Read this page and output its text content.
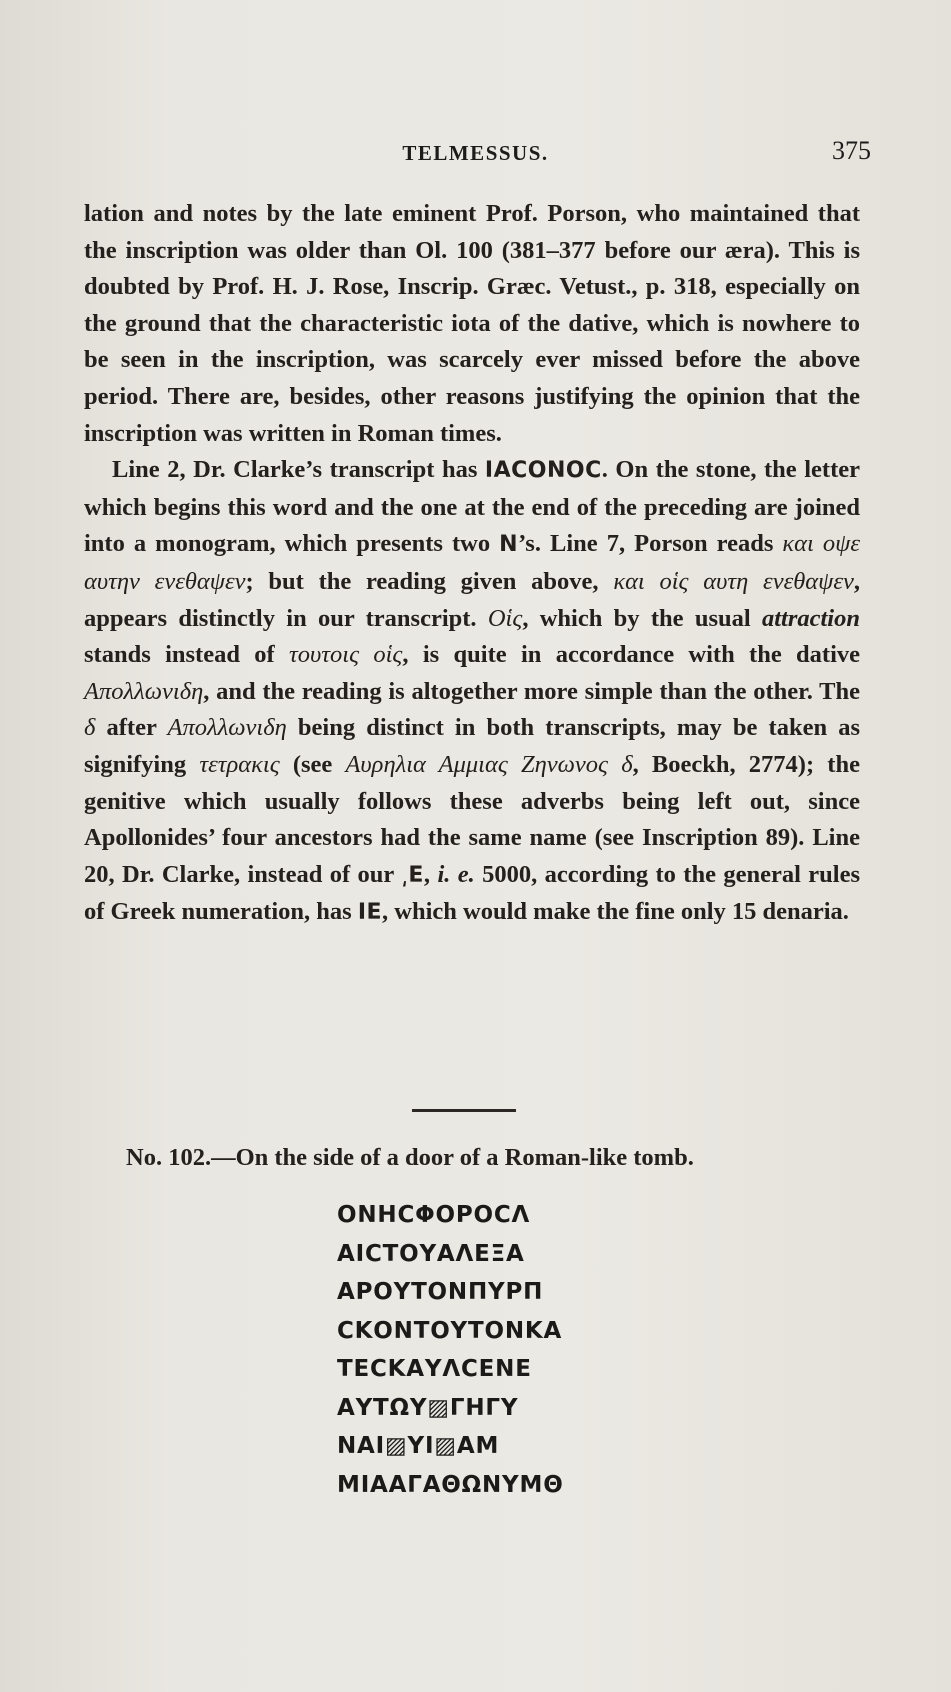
TELMESSUS.	375

lation and notes by the late eminent Prof. Porson, who maintained that the inscription was older than Ol. 100 (381–377 before our æra). This is doubted by Prof. H. J. Rose, Inscrip. Græc. Vetust., p. 318, especially on the ground that the characteristic iota of the dative, which is nowhere to be seen in the inscription, was scarcely ever missed before the above period. There are, besides, other reasons justifying the opinion that the inscription was written in Roman times.

Line 2, Dr. Clarke’s transcript has ΙΑϹΟΝΟϹ. On the stone, the letter which begins this word and the one at the end of the preceding are joined into a monogram, which presents two N’s. Line 7, Porson reads και οψε αυτην ενεθαψεν; but the reading given above, και οἱς αυτη ενεθαψεν, appears distinctly in our transcript. Οἱς, which by the usual attraction stands instead of τουτοις οἱς, is quite in accordance with the dative Απολλωνιδη, and the reading is altogether more simple than the other. The δ after Απολλωνιδη being distinct in both transcripts, may be taken as signifying τετρακις (see Αυρηλια Αμμιας Ζηνωνος δ, Boeckh, 2774); the genitive which usually follows these adverbs being left out, since Apollonides’ four ancestors had the same name (see Inscription 89). Line 20, Dr. Clarke, instead of our ͵Ε, i. e. 5000, according to the general rules of Greek numeration, has ΙΕ, which would make the fine only 15 denaria.

No. 102.—On the side of a door of a Roman-like tomb.
ΟΝΗϹΦΟΡΟϹΛ
ΑΙϹΤΟΥΑΛΕΞΑ
ΑΡΟΥΤΟΝΠΥΡΠ
ϹΚΟΝΤΟΥΤΟΝΚΑ
ΤΕϹΚΑΥΛϹΕΝΕ
ΑΥΤΩΥ▨ΓΗΓΥ
ΝΑΙ▨ΥΙ▨ΑΜ
ΜΙΑΑΓΑΘΩΝΥΜΘ
